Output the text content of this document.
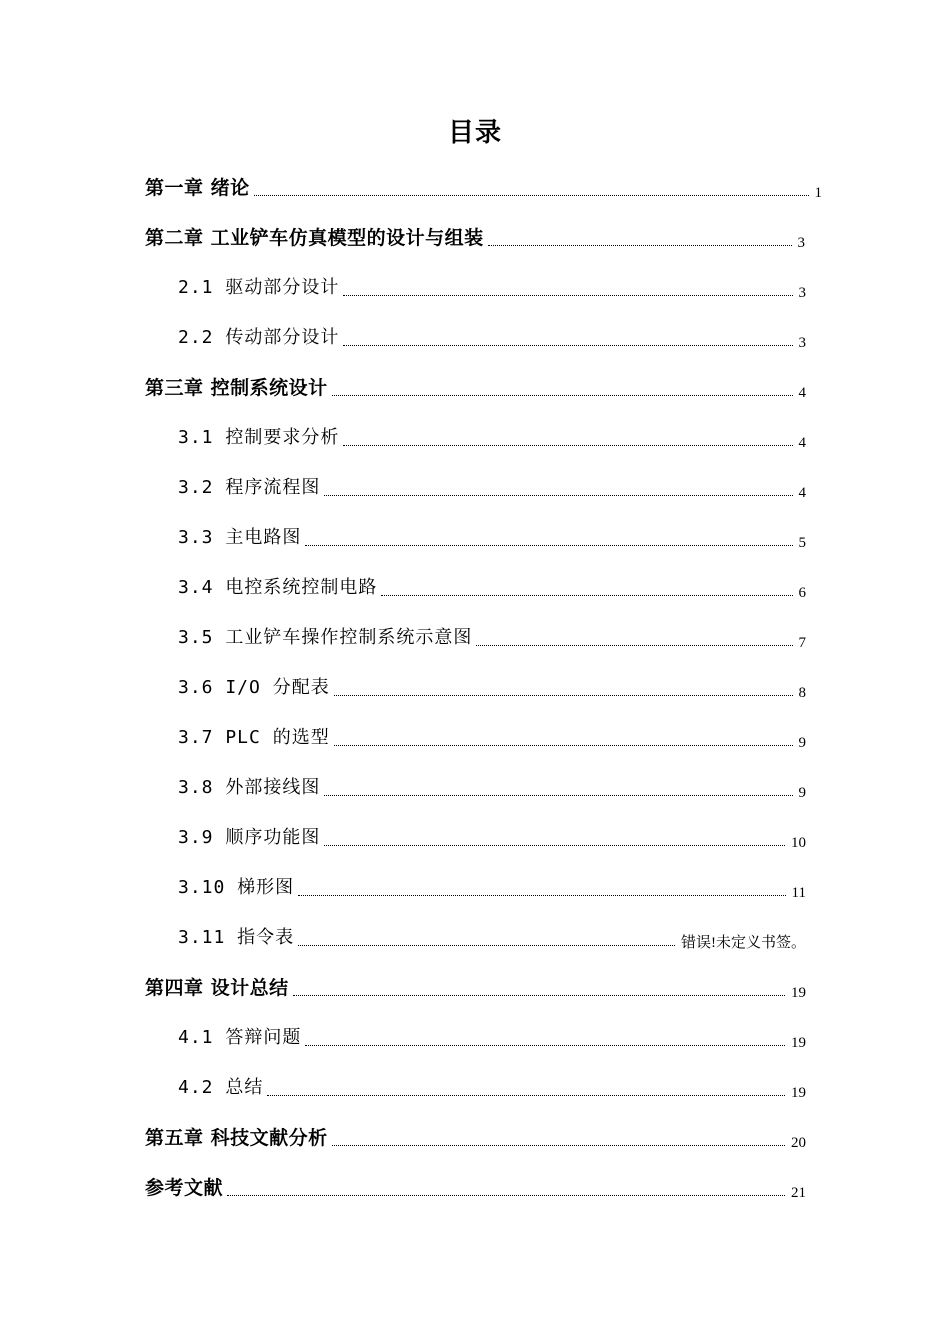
目录
第一章 绪论	1
第二章 工业铲车仿真模型的设计与组装	3
2.1 驱动部分设计	3
2.2 传动部分设计	3
第三章 控制系统设计	4
3.1 控制要求分析	4
3.2 程序流程图	4
3.3 主电路图	5
3.4 电控系统控制电路	6
3.5 工业铲车操作控制系统示意图	7
3.6 I/O 分配表	8
3.7 PLC 的选型	9
3.8 外部接线图	9
3.9 顺序功能图	10
3.10 梯形图	11
3.11 指令表	错误!未定义书签。
第四章 设计总结	19
4.1 答辩问题	19
4.2 总结	19
第五章 科技文献分析	20
参考文献	21
